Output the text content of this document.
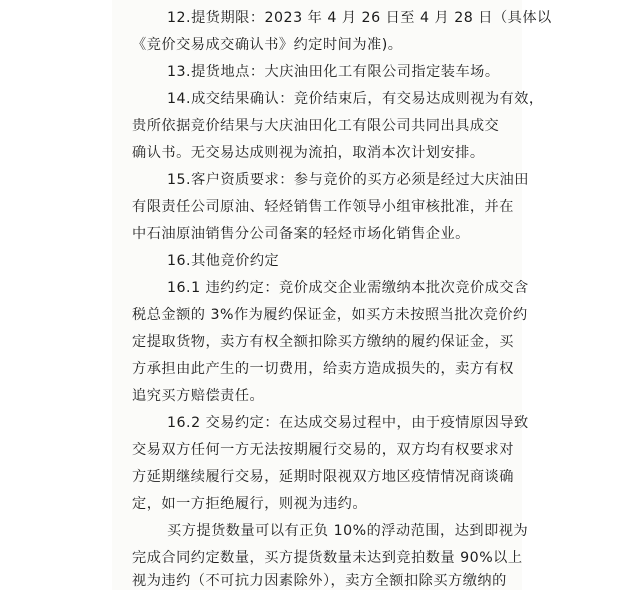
12.提货期限：2023 年 4 月 26 日至 4 月 28 日（具体以
《竞价交易成交确认书》约定时间为准)。
13.提货地点：大庆油田化工有限公司指定装车场。
14.成交结果确认：竞价结束后，有交易达成则视为有效，
贵所依据竞价结果与大庆油田化工有限公司共同出具成交
确认书。无交易达成则视为流拍，取消本次计划安排。
15.客户资质要求：参与竞价的买方必须是经过大庆油田
有限责任公司原油、轻烃销售工作领导小组审核批准，并在
中石油原油销售分公司备案的轻烃市场化销售企业。
16.其他竞价约定
16.1 违约约定：竞价成交企业需缴纳本批次竞价成交含
税总金额的 3%作为履约保证金，如买方未按照当批次竞价约
定提取货物，卖方有权全额扣除买方缴纳的履约保证金，买
方承担由此产生的一切费用，给卖方造成损失的，卖方有权
追究买方赔偿责任。
16.2 交易约定：在达成交易过程中，由于疫情原因导致
交易双方任何一方无法按期履行交易的，双方均有权要求对
方延期继续履行交易，延期时限视双方地区疫情情况商谈确
定，如一方拒绝履行，则视为违约。
买方提货数量可以有正负 10%的浮动范围，达到即视为
完成合同约定数量，买方提货数量未达到竞拍数量 90%以上
视为违约（不可抗力因素除外），卖方全额扣除买方缴纳的
